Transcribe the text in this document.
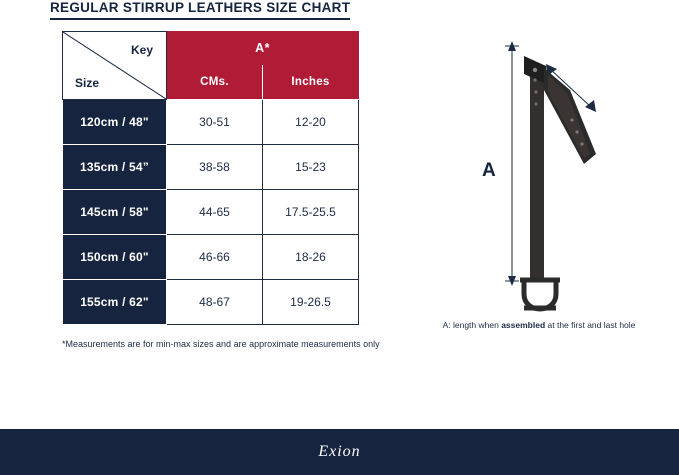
REGULAR STIRRUP LEATHERS SIZE CHART
Key
Size	A*	
	CMs.	Inches
120cm / 48"	30-51	12-20
135cm / 54”	38-58	15-23
145cm / 58"	44-65	17.5-25.5
150cm / 60"	46-66	18-26
155cm / 62"	48-67	19-26.5
*Measurements are for min-max sizes and are approximate measurements only
A
A: length when assembled at the first and last hole
Exion
